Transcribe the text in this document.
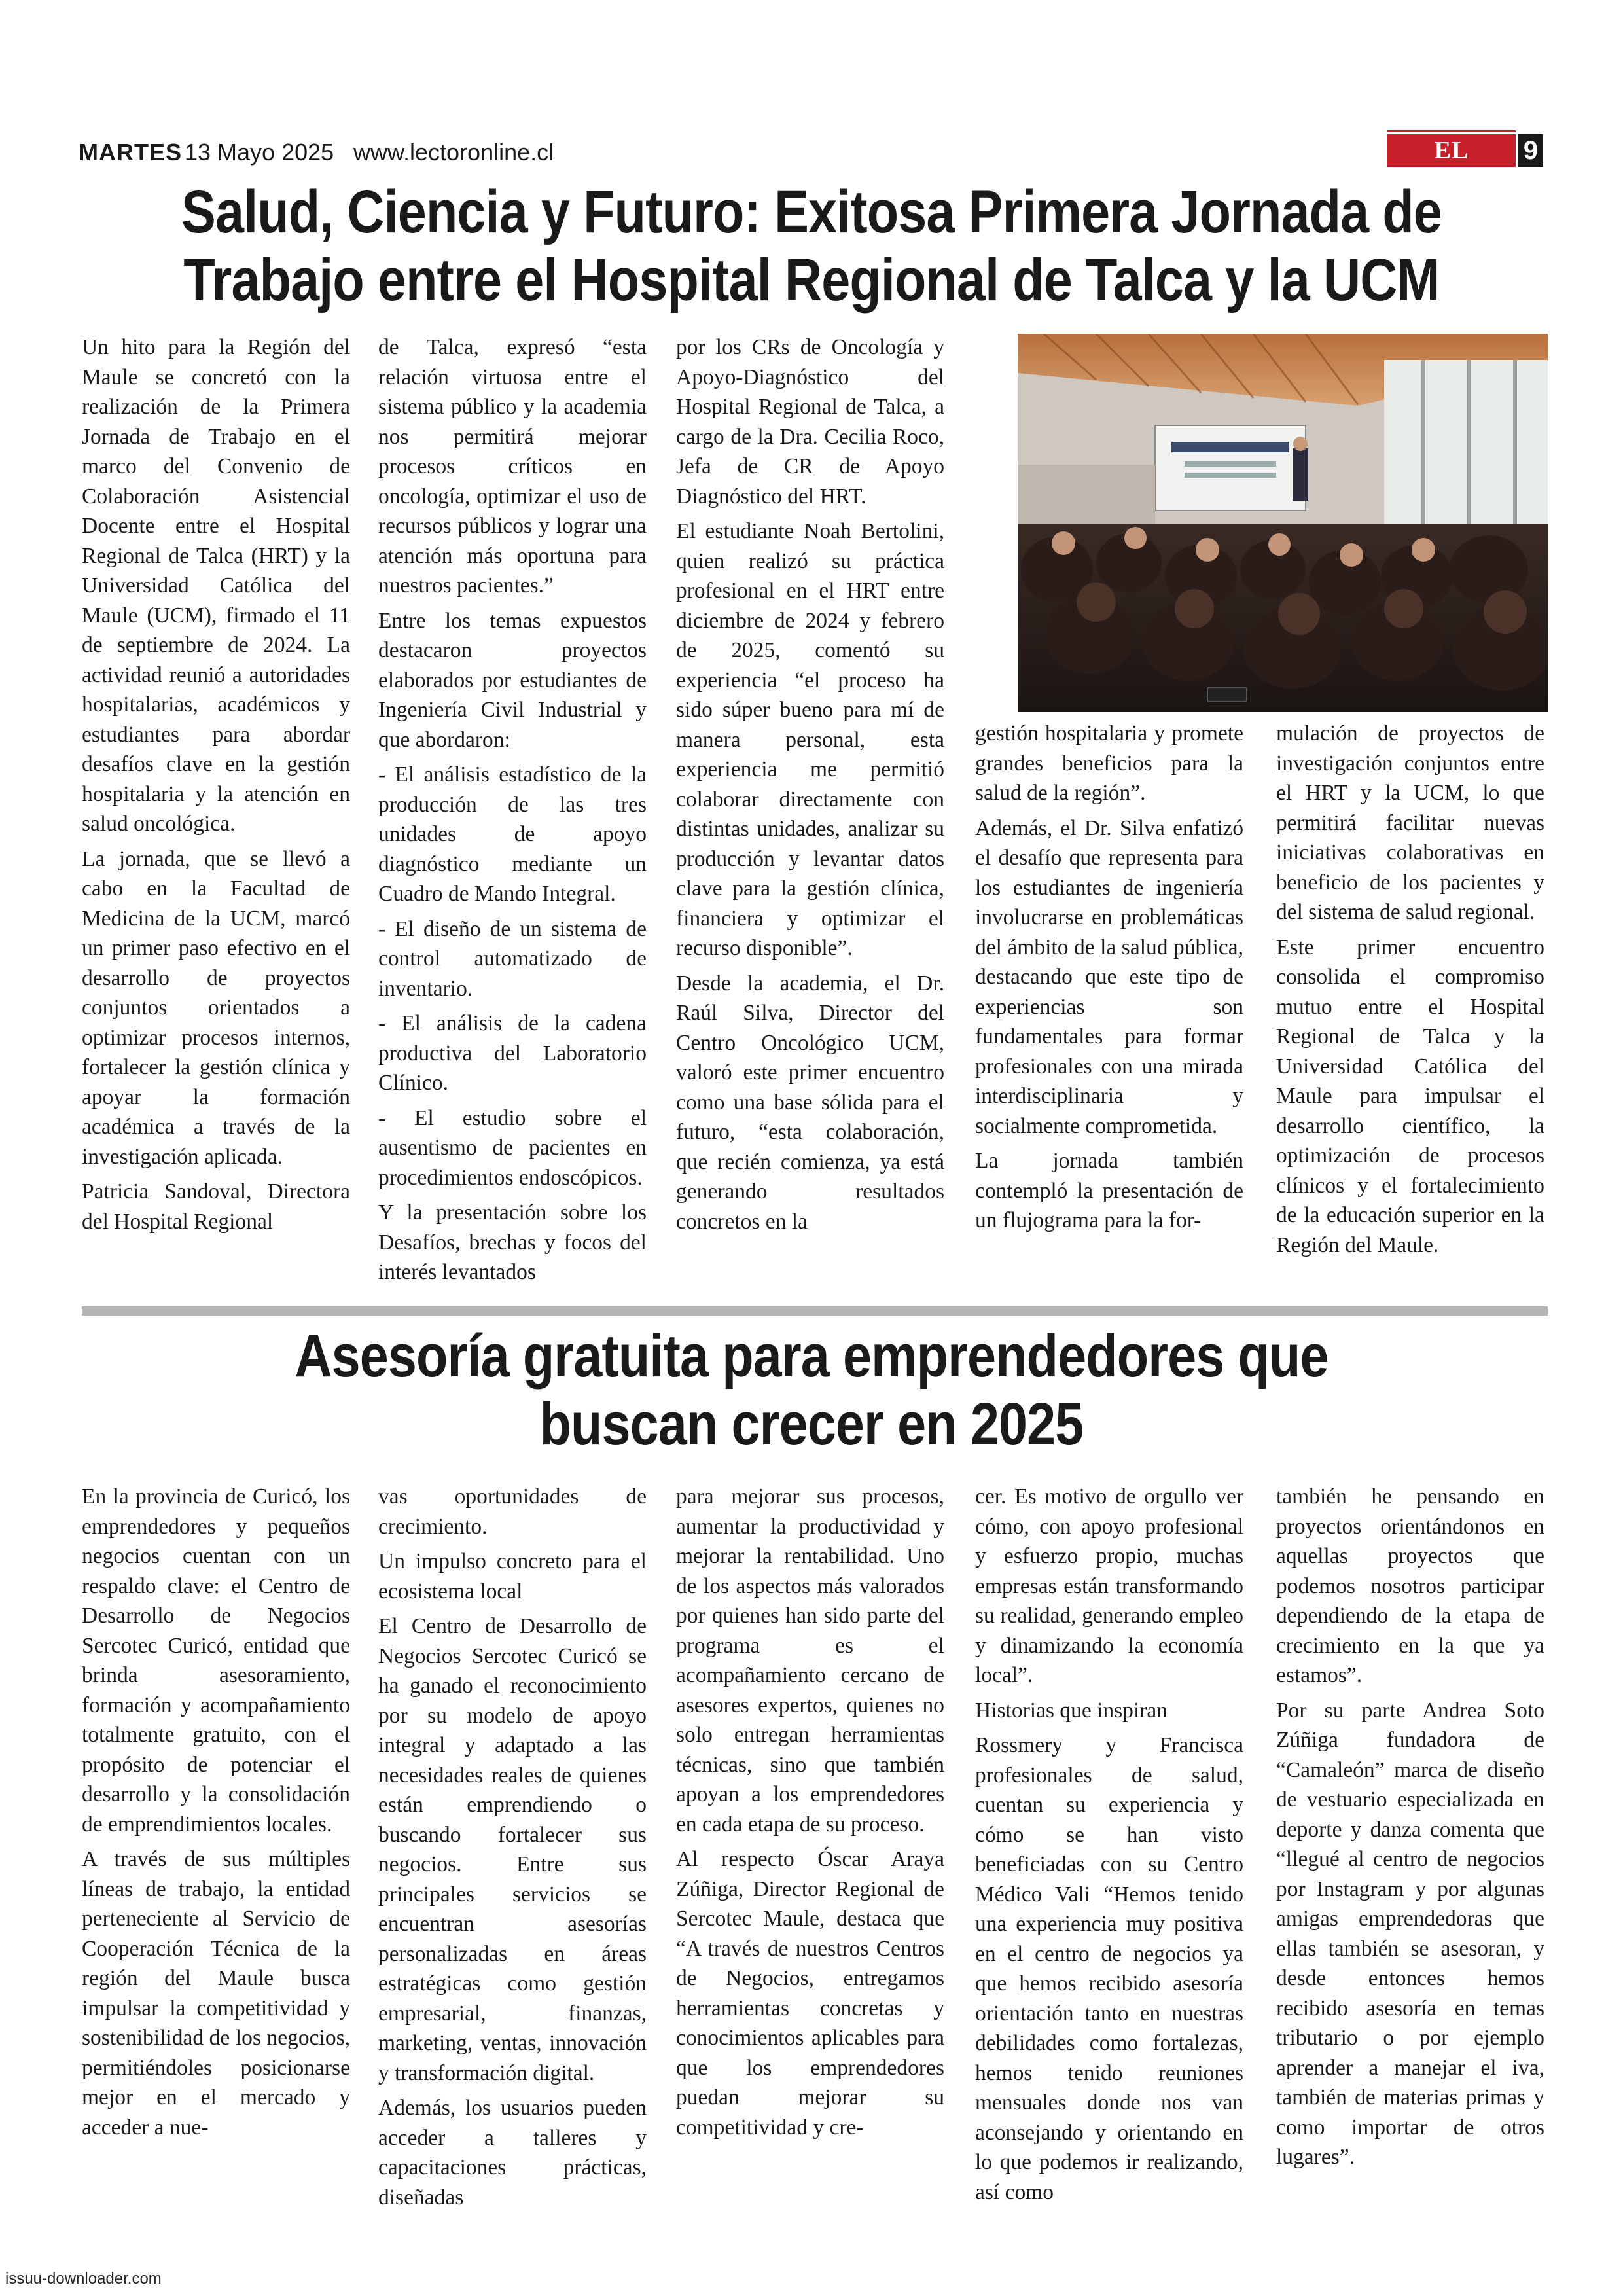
MARTES 13 Mayo 2025 www.lectoronline.cl	EL LECTOR
9
Salud, Ciencia y Futuro: Exitosa Primera Jornada de
Trabajo entre el Hospital Regional de Talca y la UCM

Un hito para la Región del Maule se concretó con la realización de la Primera Jornada de Trabajo en el marco del Convenio de Colaboración Asistencial Docente entre el Hospital Regional de Talca (HRT) y la Universidad Católica del Maule (UCM), firmado el 11 de septiembre de 2024. La actividad reunió a autoridades hospitalarias, académicos y estudiantes para abordar desafíos clave en la gestión hospitalaria y la atención en salud oncológica.

La jornada, que se llevó a cabo en la Facultad de Medicina de la UCM, marcó un primer paso efectivo en el desarrollo de proyectos conjuntos orientados a optimizar procesos internos, fortalecer la gestión clínica y apoyar la formación académica a través de la investigación aplicada.

Patricia Sandoval, Directora del Hospital Regional

de Talca, expresó “esta relación virtuosa entre el sistema público y la academia nos permitirá mejorar procesos críticos en oncología, optimizar el uso de recursos públicos y lograr una atención más oportuna para nuestros pacientes.”

Entre los temas expuestos destacaron proyectos elaborados por estudiantes de Ingeniería Civil Industrial y que abordaron:

- El análisis estadístico de la producción de las tres unidades de apoyo diagnóstico mediante un Cuadro de Mando Integral.

- El diseño de un sistema de control automatizado de inventario.

- El análisis de la cadena productiva del Laboratorio Clínico.

- El estudio sobre el ausentismo de pacientes en procedimientos endoscópicos.

Y la presentación sobre los Desafíos, brechas y focos del interés levantados

por los CRs de Oncología y Apoyo-Diagnóstico del Hospital Regional de Talca, a cargo de la Dra. Cecilia Roco, Jefa de CR de Apoyo Diagnóstico del HRT.

El estudiante Noah Bertolini, quien realizó su práctica profesional en el HRT entre diciembre de 2024 y febrero de 2025, comentó su experiencia “el proceso ha sido súper bueno para mí de manera personal, esta experiencia me permitió colaborar directamente con distintas unidades, analizar su producción y levantar datos clave para la gestión clínica, financiera y optimizar el recurso disponible”.

Desde la academia, el Dr. Raúl Silva, Director del Centro Oncológico UCM, valoró este primer encuentro como una base sólida para el futuro, “esta colaboración, que recién comienza, ya está generando resultados concretos en la

gestión hospitalaria y promete grandes beneficios para la salud de la región”.

Además, el Dr. Silva enfatizó el desafío que representa para los estudiantes de ingeniería involucrarse en problemáticas del ámbito de la salud pública, destacando que este tipo de experiencias son fundamentales para formar profesionales con una mirada interdisciplinaria y socialmente comprometida.

La jornada también contempló la presentación de un flujograma para la for-

mulación de proyectos de investigación conjuntos entre el HRT y la UCM, lo que permitirá facilitar nuevas iniciativas colaborativas en beneficio de los pacientes y del sistema de salud regional.

Este primer encuentro consolida el compromiso mutuo entre el Hospital Regional de Talca y la Universidad Católica del Maule para impulsar el desarrollo científico, la optimización de procesos clínicos y el fortalecimiento de la educación superior en la Región del Maule.

Asesoría gratuita para emprendedores que
buscan crecer en 2025

En la provincia de Curicó, los emprendedores y pequeños negocios cuentan con un respaldo clave: el Centro de Desarrollo de Negocios Sercotec Curicó, entidad que brinda asesoramiento, formación y acompañamiento totalmente gratuito, con el propósito de potenciar el desarrollo y la consolidación de emprendimientos locales.

A través de sus múltiples líneas de trabajo, la entidad perteneciente al Servicio de Cooperación Técnica de la región del Maule busca impulsar la competitividad y sostenibilidad de los negocios, permitiéndoles posicionarse mejor en el mercado y acceder a nue-

vas oportunidades de crecimiento.

Un impulso concreto para el ecosistema local

El Centro de Desarrollo de Negocios Sercotec Curicó se ha ganado el reconocimiento por su modelo de apoyo integral y adaptado a las necesidades reales de quienes están emprendiendo o buscando fortalecer sus negocios. Entre sus principales servicios se encuentran asesorías personalizadas en áreas estratégicas como gestión empresarial, finanzas, marketing, ventas, innovación y transformación digital.

Además, los usuarios pueden acceder a talleres y capacitaciones prácticas, diseñadas

para mejorar sus procesos, aumentar la productividad y mejorar la rentabilidad. Uno de los aspectos más valorados por quienes han sido parte del programa es el acompañamiento cercano de asesores expertos, quienes no solo entregan herramientas técnicas, sino que también apoyan a los emprendedores en cada etapa de su proceso.

Al respecto Óscar Araya Zúñiga, Director Regional de Sercotec Maule, destaca que “A través de nuestros Centros de Negocios, entregamos herramientas concretas y conocimientos aplicables para que los emprendedores puedan mejorar su competitividad y cre-

cer. Es motivo de orgullo ver cómo, con apoyo profesional y esfuerzo propio, muchas empresas están transformando su realidad, generando empleo y dinamizando la economía local”.

Historias que inspiran

Rossmery y Francisca profesionales de salud, cuentan su experiencia y cómo se han visto beneficiadas con su Centro Médico Vali “Hemos tenido una experiencia muy positiva en el centro de negocios ya que hemos recibido asesoría orientación tanto en nuestras debilidades como fortalezas, hemos tenido reuniones mensuales donde nos van aconsejando y orientando en lo que podemos ir realizando, así como

también he pensando en proyectos orientándonos en aquellas proyectos que podemos nosotros participar dependiendo de la etapa de crecimiento en la que ya estamos”.

Por su parte Andrea Soto Zúñiga fundadora de “Camaleón” marca de diseño de vestuario especializada en deporte y danza comenta que “llegué al centro de negocios por Instagram y por algunas amigas emprendedoras que ellas también se asesoran, y desde entonces hemos recibido asesoría en temas tributario o por ejemplo aprender a manejar el iva, también de materias primas y como importar de otros lugares”.

issuu-downloader.com
